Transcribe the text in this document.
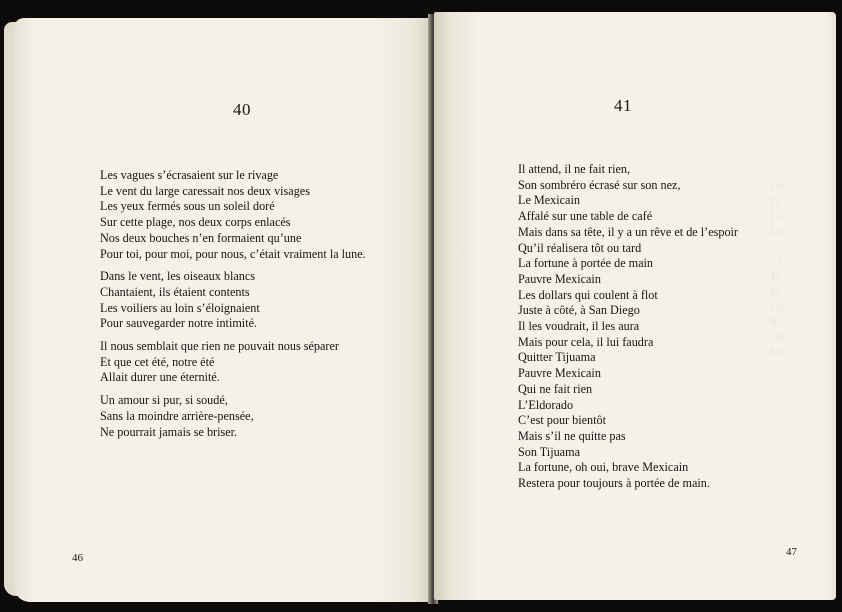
40
Les vagues s’écrasaient sur le rivage
Le vent du large caressait nos deux visages
Les yeux fermés sous un soleil doré
Sur cette plage, nos deux corps enlacés
Nos deux bouches n’en formaient qu’une
Pour toi, pour moi, pour nous, c’était vraiment la lune.
Dans le vent, les oiseaux blancs
Chantaient, ils étaient contents
Les voiliers au loin s’éloignaient
Pour sauvegarder notre intimité.
Il nous semblait que rien ne pouvait nous séparer
Et que cet été, notre été
Allait durer une éternité.
Un amour si pur, si soudé,
Sans la moindre arrière-pensée,
Ne pourrait jamais se briser.
46

41
Il attend, il ne fait rien,
Son sombréro écrasé sur son nez,
Le Mexicain
Affalé sur une table de café
Mais dans sa tête, il y a un rêve et de l’espoir
Qu’il réalisera tôt ou tard
La fortune à portée de main
Pauvre Mexicain
Les dollars qui coulent à flot
Juste à côté, à San Diego
Il les voudrait, il les aura
Mais pour cela, il lui faudra
Quitter Tijuama
Pauvre Mexicain
Qui ne fait rien
L’Eldorado
C’est pour bientôt
Mais s’il ne quitte pas
Son Tijuama
La fortune, oh oui, brave Mexicain
Restera pour toujours à portée de main.
47
